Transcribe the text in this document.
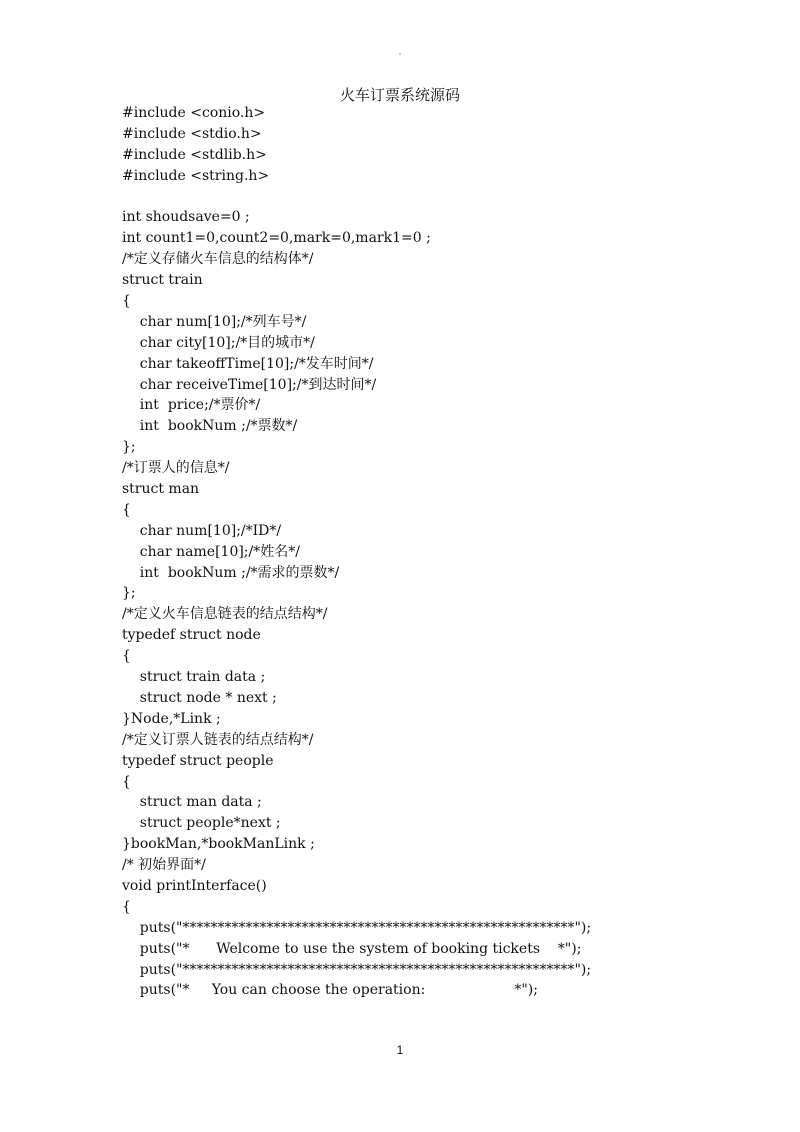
火车订票系统源码
#include <conio.h>
#include <stdio.h>
#include <stdlib.h>
#include <string.h>
int shoudsave=0 ;
int count1=0,count2=0,mark=0,mark1=0 ;
/*定义存储火车信息的结构体*/
struct train
{
char num[10];/*列车号*/
char city[10];/*目的城市*/
char takeoffTime[10];/*发车时间*/
char receiveTime[10];/*到达时间*/
int  price;/*票价*/
int  bookNum ;/*票数*/
};
/*订票人的信息*/
struct man
{
char num[10];/*ID*/
char name[10];/*姓名*/
int  bookNum ;/*需求的票数*/
};
/*定义火车信息链表的结点结构*/
typedef struct node
{
struct train data ;
struct node * next ;
}Node,*Link ;
/*定义订票人链表的结点结构*/
typedef struct people
{
struct man data ;
struct people*next ;
}bookMan,*bookManLink ;
/* 初始界面*/
void printInterface()
{
puts("********************************************************");
puts("*      Welcome to use the system of booking tickets    *");
puts("********************************************************");
puts("*     You can choose the operation:                    *");
1
